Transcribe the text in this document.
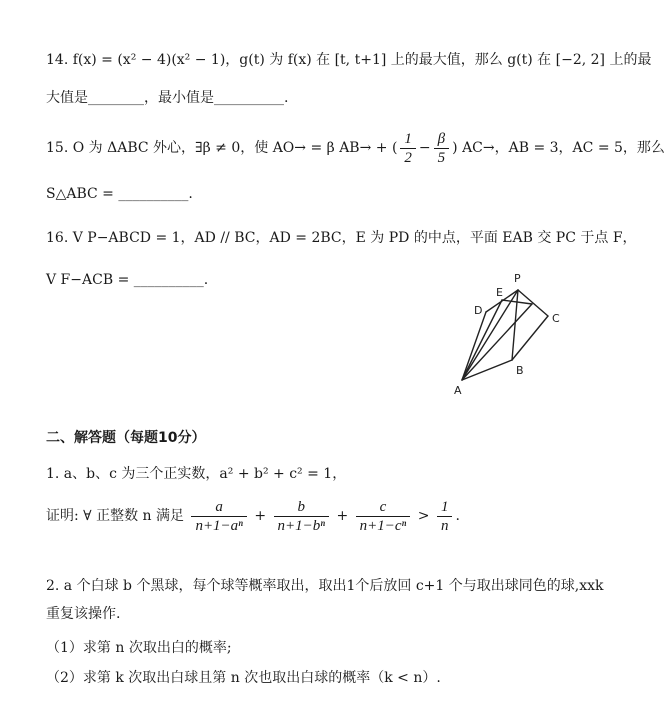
14. f(x) = (x² − 4)(x² − 1)，g(t) 为 f(x) 在 [t, t+1] 上的最大值，那么 g(t) 在 [−2, 2] 上的最
大值是________，最小值是__________.
15. O 为 ΔABC 外心，∃β ≠ 0，使 AO→ = β AB→ + ( $\frac{1}{2} - \frac{\beta}{5}$ ) AC→，AB = 3，AC = 5，那么
S△ABC = __________.
16. V P−ABCD = 1，AD // BC，AD = 2BC，E 为 PD 的中点，平面 EAB 交 PC 于点 F，
V F−ACB = __________.	P
E
D
C
B
A
二、解答题（每题10分）
1. a、b、c 为三个正实数，a² + b² + c² = 1，
证明: ∀ 正整数 n 满足 $\frac{a}{\text{n+1−aⁿ}} + \frac{b}{\text{n+1−bⁿ}} + \frac{c}{\text{n+1−cⁿ}} > \frac{1}{n}$ .
2. a 个白球 b 个黑球，每个球等概率取出，取出1个后放回 c+1 个与取出球同色的球,xxk
重复该操作.
（1）求第 n 次取出白的概率;
（2）求第 k 次取出白球且第 n 次也取出白球的概率（k < n）.
